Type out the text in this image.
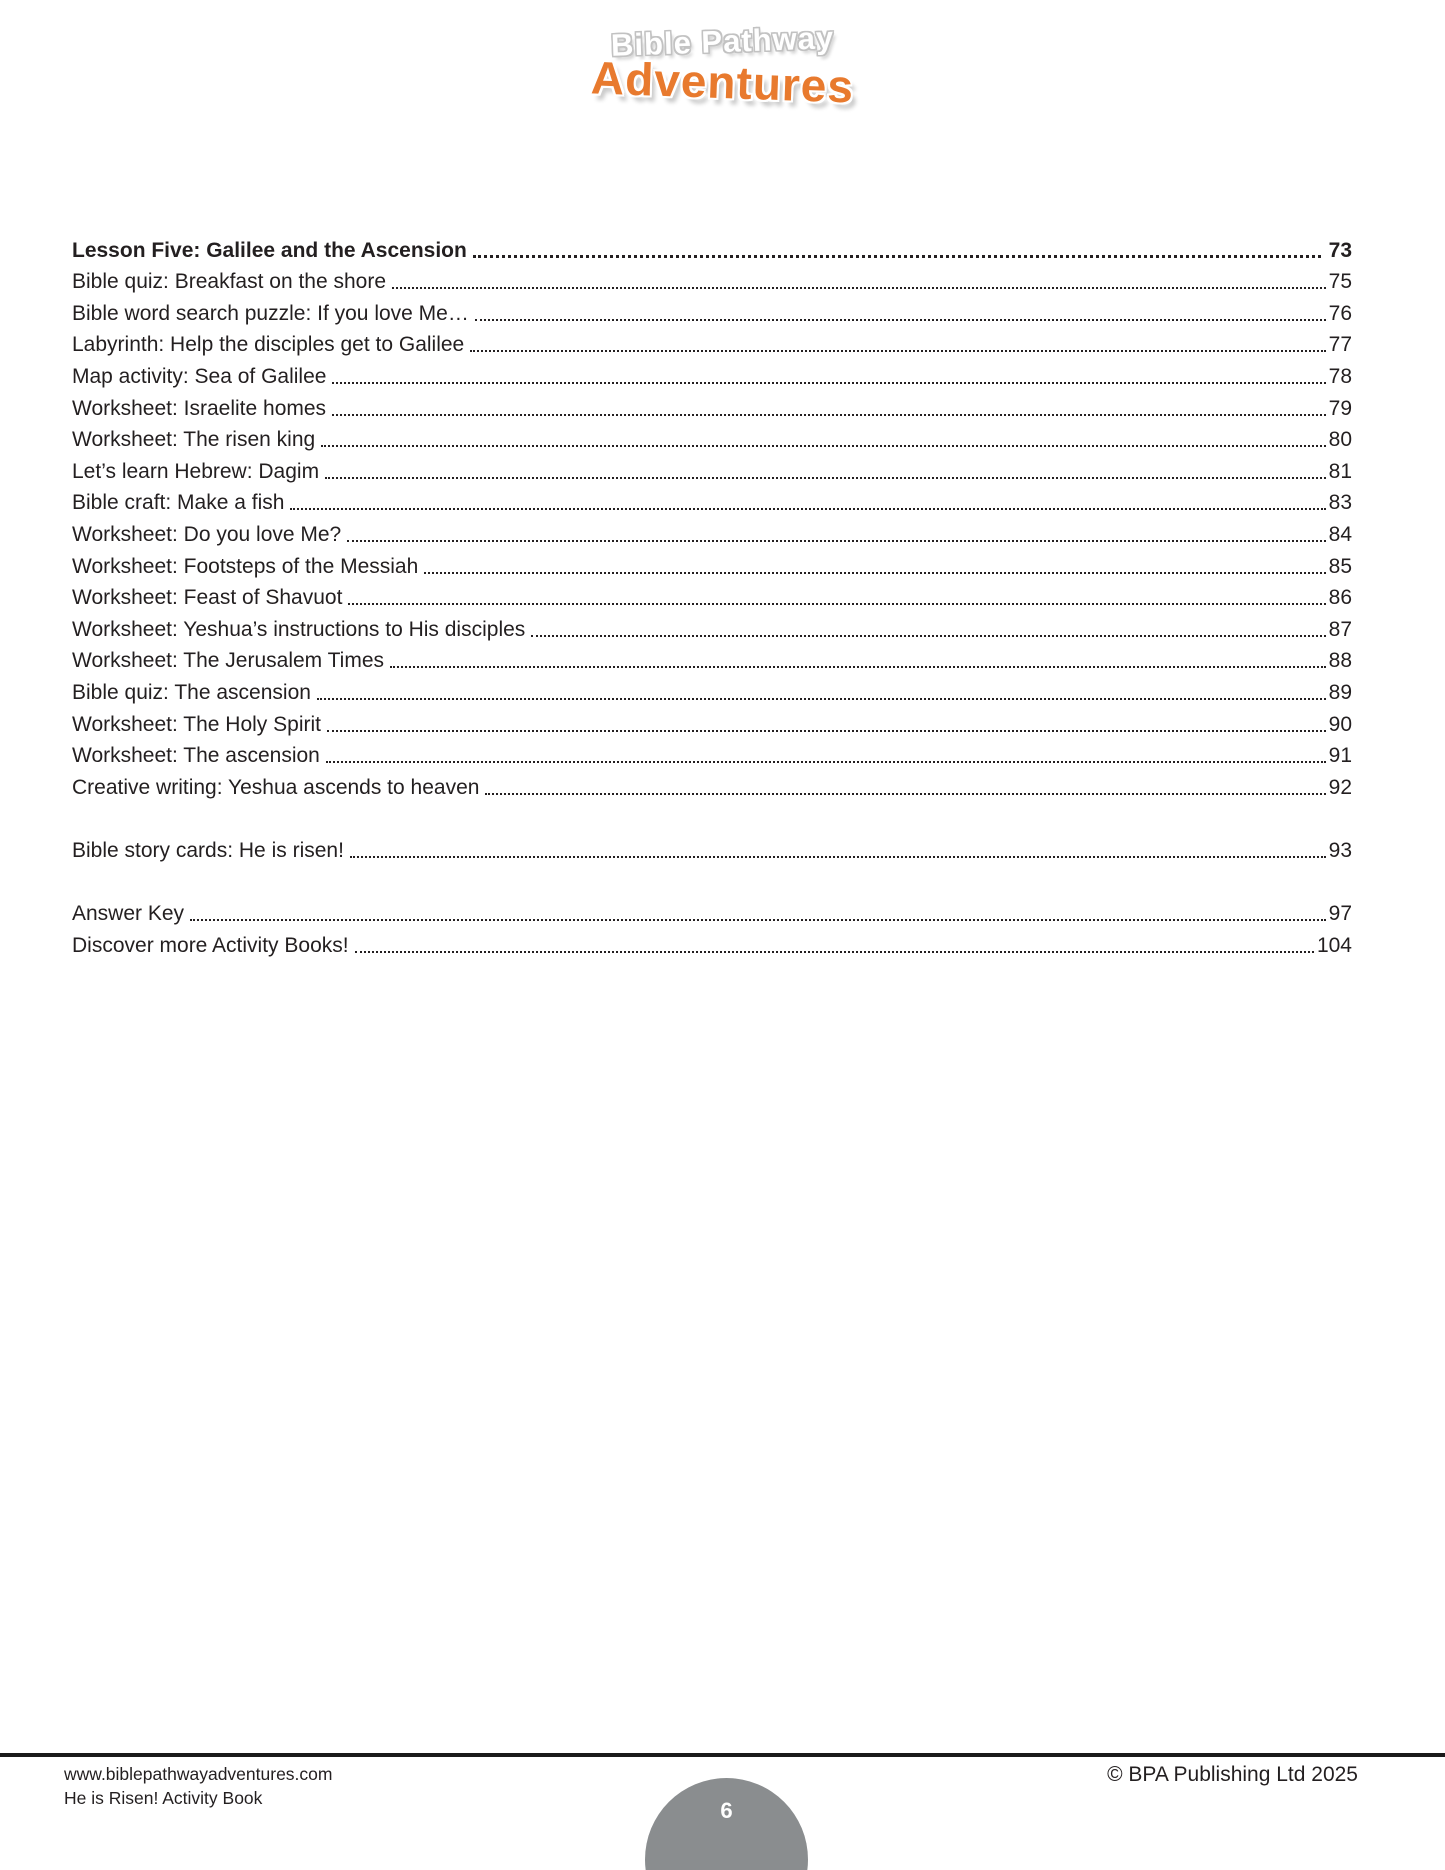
Bible Pathway
Adventures
Lesson Five: Galilee and the Ascension	73
Bible quiz: Breakfast on the shore	75
Bible word search puzzle: If you love Me…	76
Labyrinth: Help the disciples get to Galilee	77
Map activity: Sea of Galilee	78
Worksheet: Israelite homes	79
Worksheet: The risen king	80
Let’s learn Hebrew: Dagim	81
Bible craft: Make a fish	83
Worksheet: Do you love Me?	84
Worksheet: Footsteps of the Messiah	85
Worksheet: Feast of Shavuot	86
Worksheet: Yeshua’s instructions to His disciples	87
Worksheet: The Jerusalem Times	88
Bible quiz: The ascension	89
Worksheet: The Holy Spirit	90
Worksheet: The ascension	91
Creative writing: Yeshua ascends to heaven	92
Bible story cards: He is risen!	93
Answer Key	97
Discover more Activity Books!	104
www.biblepathwayadventures.com
He is Risen! Activity Book
© BPA Publishing Ltd 2025
6
